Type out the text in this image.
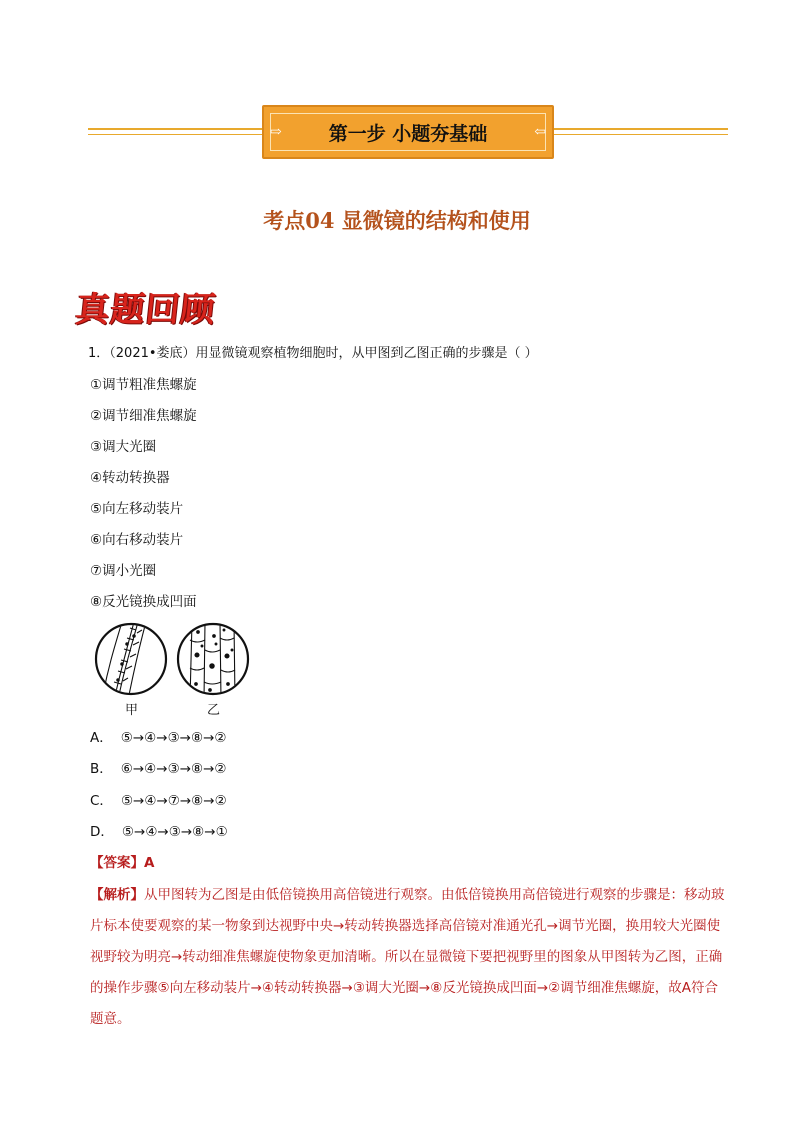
⇨	第一步 小题夯基础	⇦
考点04 显微镜的结构和使用
真题回顾
1．（2021•娄底）用显微镜观察植物细胞时，从甲图到乙图正确的步骤是（ ）
①调节粗准焦螺旋
②调节细准焦螺旋
③调大光圈
④转动转换器
⑤向左移动装片
⑥向右移动装片
⑦调小光圈
⑧反光镜换成凹面
甲	乙
A． ⑤→④→③→⑧→②
B． ⑥→④→③→⑧→②
C． ⑤→④→⑦→⑧→②
D． ⑤→④→③→⑧→①
【答案】A
【解析】从甲图转为乙图是由低倍镜换用高倍镜进行观察。由低倍镜换用高倍镜进行观察的步骤是：移动玻片标本使要观察的某一物象到达视野中央→转动转换器选择高倍镜对准通光孔→调节光圈，换用较大光圈使视野较为明亮→转动细准焦螺旋使物象更加清晰。所以在显微镜下要把视野里的图象从甲图转为乙图，正确的操作步骤⑤向左移动装片→④转动转换器→③调大光圈→⑧反光镜换成凹面→②调节细准焦螺旋，故A符合题意。
